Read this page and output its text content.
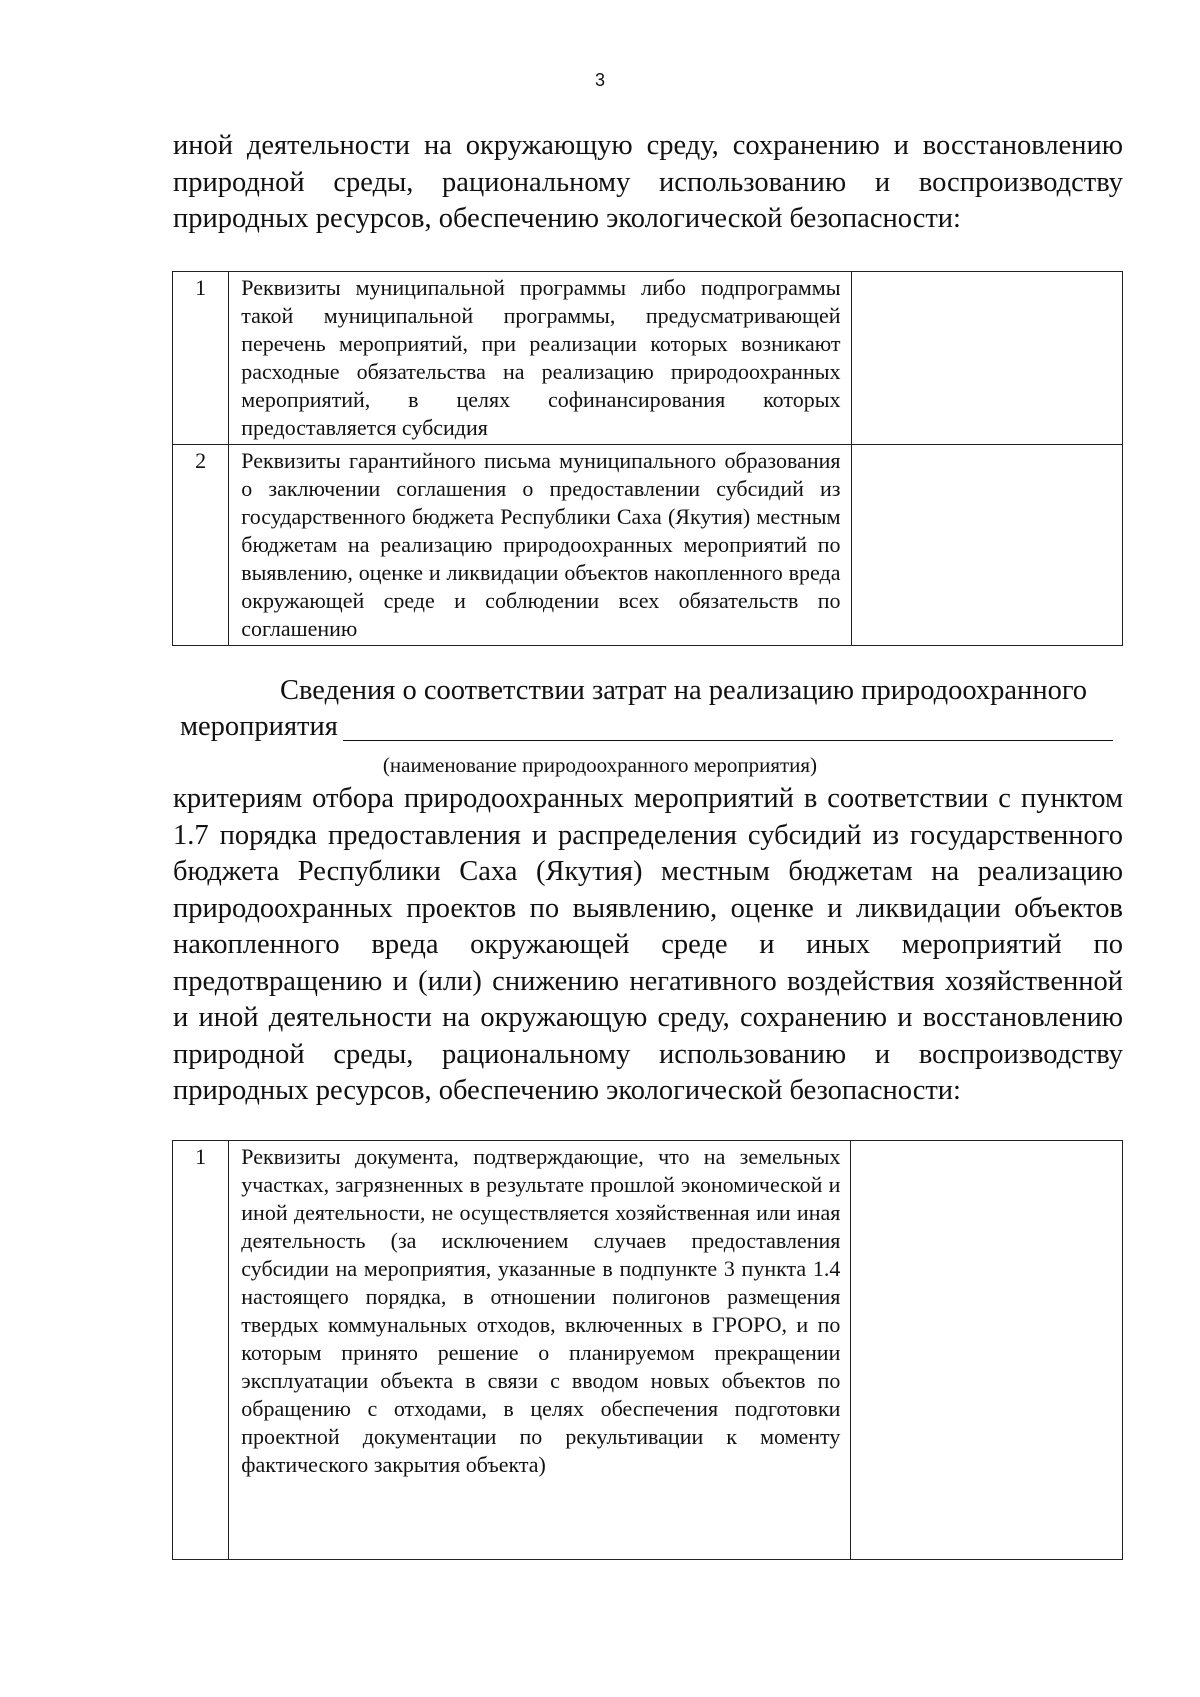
3

иной деятельности на окружающую среду, сохранению и восстановлению природной среды, рациональному использованию и воспроизводству природных ресурсов, обеспечению экологической безопасности:

1	Реквизиты муниципальной программы либо подпрограммы такой муниципальной программы, предусматривающей перечень мероприятий, при реализации которых возникают расходные обязательства на реализацию природоохранных мероприятий, в целях софинансирования которых предоставляется субсидия	
2	Реквизиты гарантийного письма муниципального образования о заключении соглашения о предоставлении субсидий из государственного бюджета Республики Саха (Якутия) местным бюджетам на реализацию природоохранных мероприятий по выявлению, оценке и ликвидации объектов накопленного вреда окружающей среде и соблюдении всех обязательств по соглашению	
Сведения о соответствии затрат на реализацию природоохранного
мероприятия
(наименование природоохранного мероприятия)

критериям отбора природоохранных мероприятий в соответствии с пунктом 1.7 порядка предоставления и распределения субсидий из государственного бюджета Республики Саха (Якутия) местным бюджетам на реализацию природоохранных проектов по выявлению, оценке и ликвидации объектов накопленного вреда окружающей среде и иных мероприятий по предотвращению и (или) снижению негативного воздействия хозяйственной и иной деятельности на окружающую среду, сохранению и восстановлению природной среды, рациональному использованию и воспроизводству природных ресурсов, обеспечению экологической безопасности:

1	Реквизиты документа, подтверждающие, что на земельных участках, загрязненных в результате прошлой экономической и иной деятельности, не осуществляется хозяйственная или иная деятельность (за исключением случаев предоставления субсидии на мероприятия, указанные в подпункте 3 пункта 1.4 настоящего порядка, в отношении полигонов размещения твердых коммунальных отходов, включенных в ГРОРО, и по которым принято решение о планируемом прекращении эксплуатации объекта в связи с вводом новых объектов по обращению с отходами, в целях обеспечения подготовки проектной документации по рекультивации к моменту фактического закрытия объекта)	
